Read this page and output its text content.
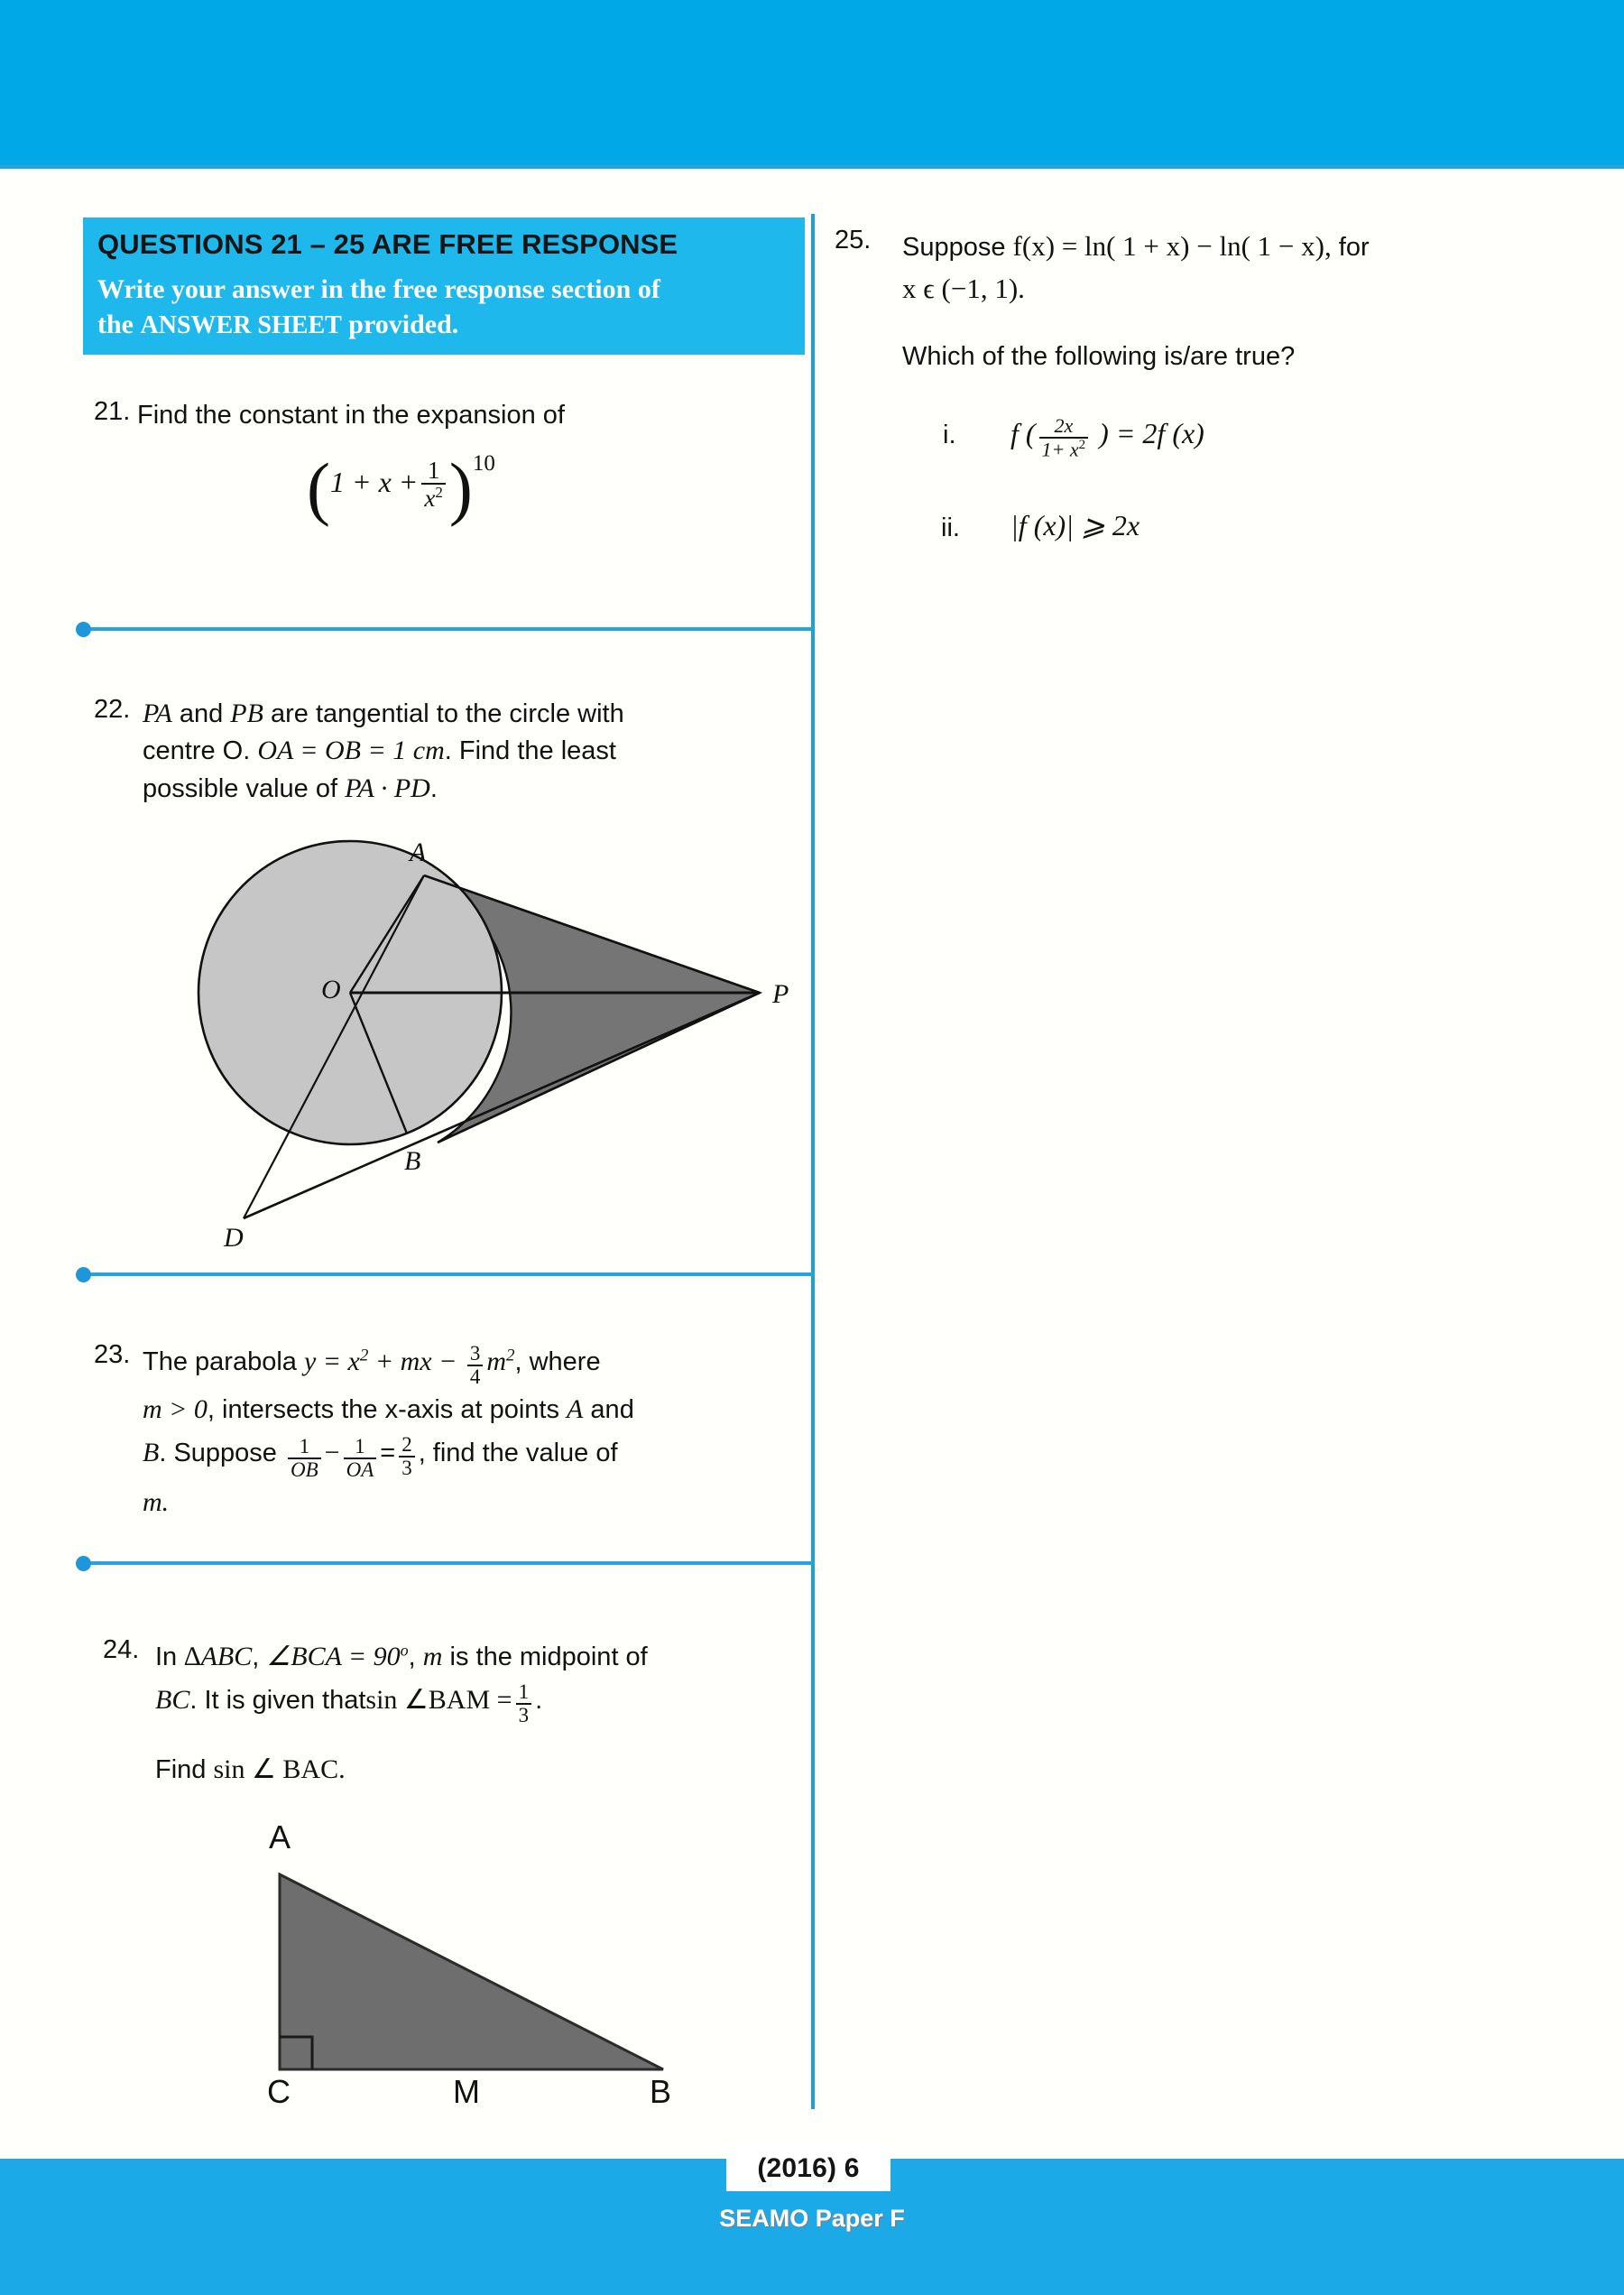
QUESTIONS 21 – 25 ARE FREE RESPONSE
Write your answer in the free response section of
the ANSWER SHEET provided.
21. Find the constant in the expansion of
$(1 + x + \frac{1}{x^2} )10$
22. PA and PB are tangential to the circle with
centre O. OA = OB = 1 cm. Find the least
possible value of PA · PD.
A
O	P
B
D
23. The parabola $y = x^2$ + mx − $\frac{3}{4} m^2$, where
m > 0, intersects the x-axis at points A and
B. Suppose $\frac{1}{OB} - \frac{1}{OA} = \frac{2}{3}$ , find the value of
m.
24. In ∆ABC, ∠BCA = $90^o$, m is the midpoint of
BC. It is given thatsin ∠BAM = $\frac{1}{3}$ .
Find sin ∠ BAC.
A
C	M	B
25. Suppose f(x) = ln( 1 + x) − ln( 1 − x), for
x ϵ (−1, 1).
Which of the following is/are true?
i. f ( $\frac{2x}{1+ x^2}$ ) = 2f (x)
ii. |f (x)| ⩾ 2x
(2016) 6
SEAMO Paper F
